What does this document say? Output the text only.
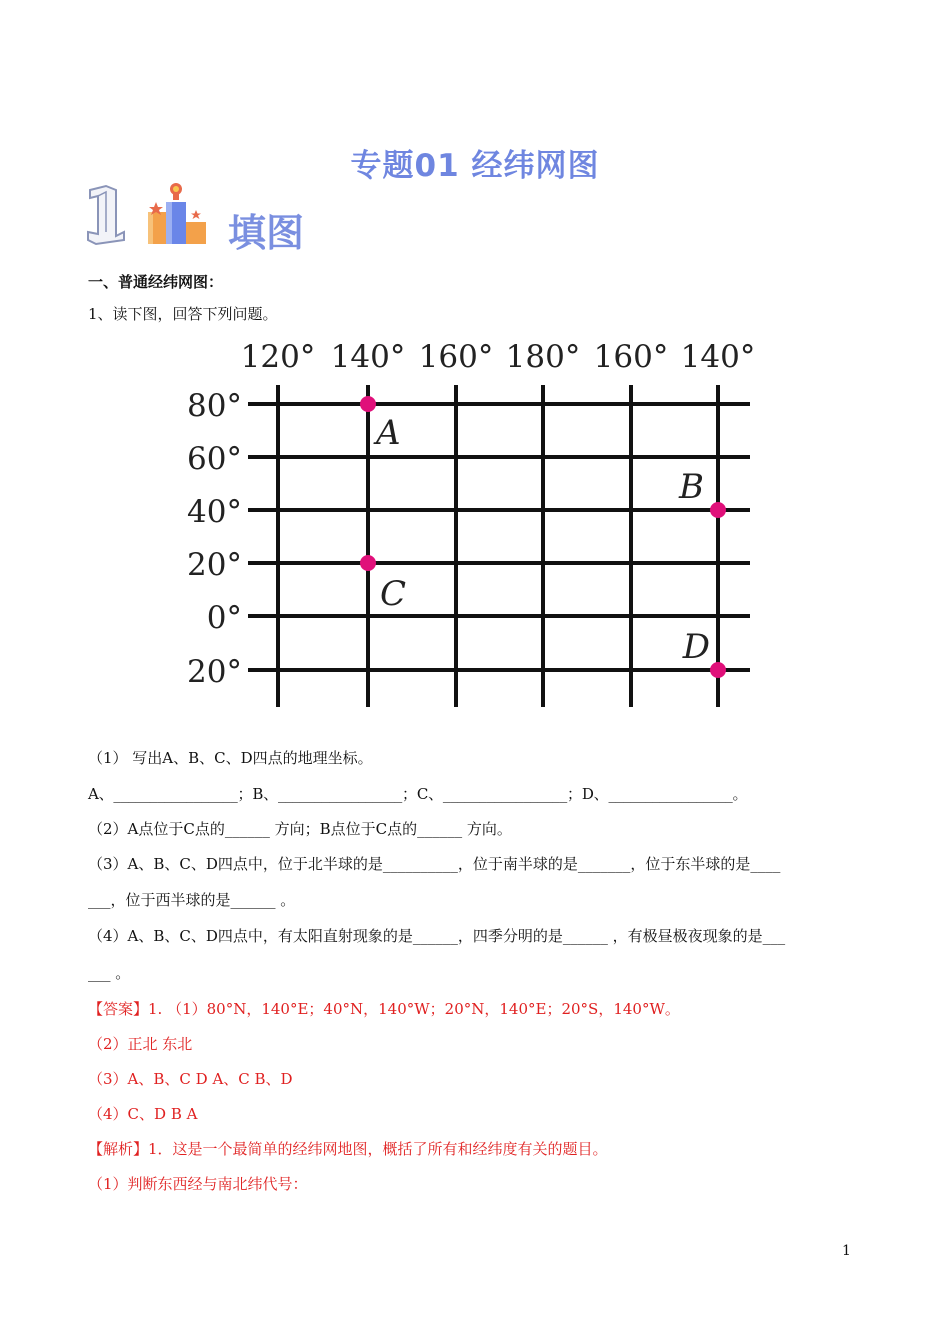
专题01 经纬网图
填图
一、普通经纬网图：
1、读下图，回答下列问题。
120° 140° 160° 180° 160° 140°
80°
60°
40°
20°
0°
20°
A
B
C
D
（1） 写出A、B、C、D四点的地理坐标。
A、_________________；B、_________________；C、_________________；D、_________________。
（2）A点位于C点的______ 方向；B点位于C点的______ 方向。
（3）A、B、C、D四点中，位于北半球的是__________，位于南半球的是_______，位于东半球的是____
___，位于西半球的是______ 。
（4）A、B、C、D四点中，有太阳直射现象的是______，四季分明的是______ ，有极昼极夜现象的是___
___ 。
【答案】1. （1）80°N，140°E；40°N，140°W；20°N，140°E；20°S，140°W。
（2）正北 东北
（3）A、B、C D A、C B、D
（4）C、D B A
【解析】1．这是一个最简单的经纬网地图，概括了所有和经纬度有关的题目。
（1）判断东西经与南北纬代号：
1
